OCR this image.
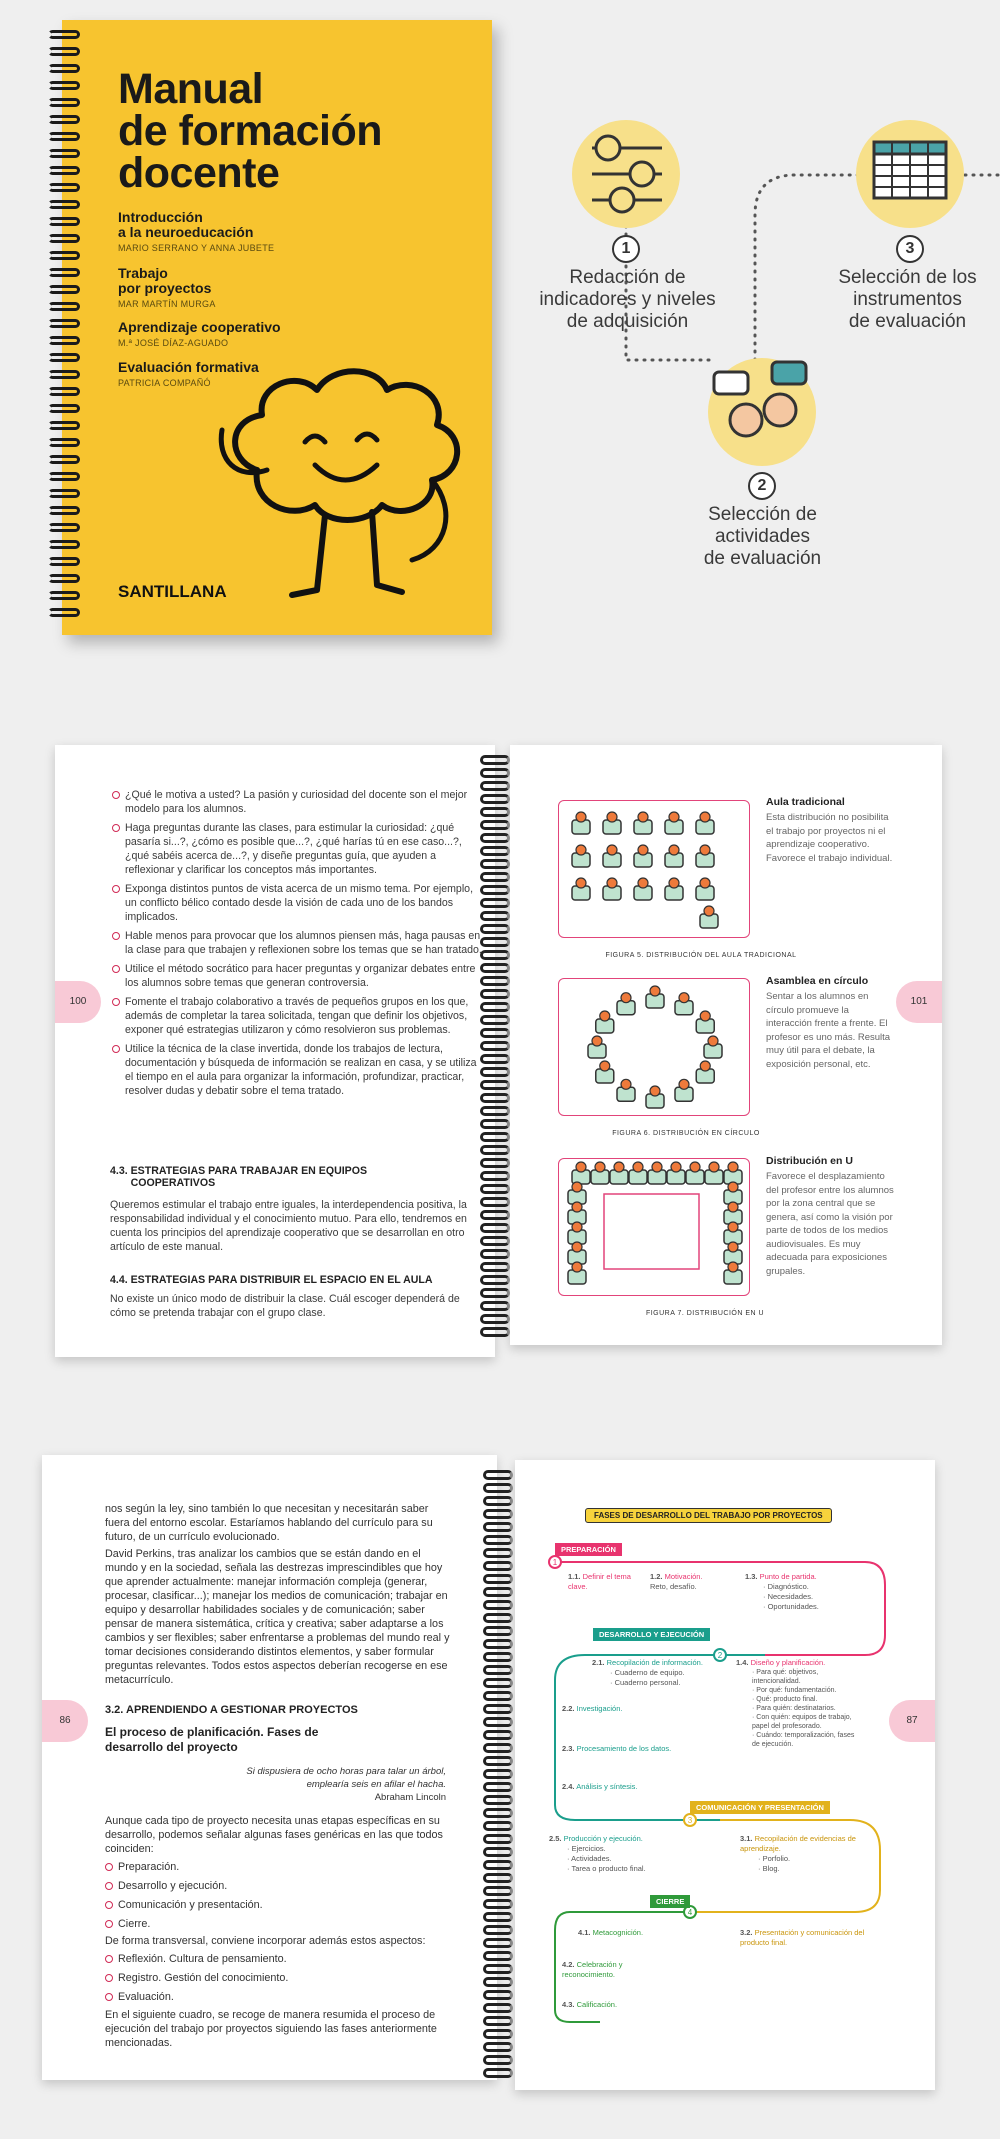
Manual
de formación
docente
Introducción
a la neuroeducación
MARIO SERRANO Y ANNA JUBETE
Trabajo
por proyectos
MAR MARTÍN MURGA
Aprendizaje cooperativo
M.ª JOSÉ DÍAZ-AGUADO
Evaluación formativa
PATRICIA COMPAÑÓ
SANTILLANA
1
Redacción de
indicadores y niveles
de adquisición
3
Selección de los
instrumentos
de evaluación
2
Selección de
actividades
de evaluación
100

¿Qué le motiva a usted? La pasión y curiosidad del docente son el mejor modelo para los alumnos.

Haga preguntas durante las clases, para estimular la curiosidad: ¿qué pasaría si...?, ¿cómo es posible que...?, ¿qué harías tú en ese caso...?, ¿qué sabéis acerca de...?, y diseñe preguntas guía, que ayuden a reflexionar y clarificar los conceptos más importantes.

Exponga distintos puntos de vista acerca de un mismo tema. Por ejemplo, un conflicto bélico contado desde la visión de cada uno de los bandos implicados.

Hable menos para provocar que los alumnos piensen más, haga pausas en la clase para que trabajen y reflexionen sobre los temas que se han tratado.

Utilice el método socrático para hacer preguntas y organizar debates entre los alumnos sobre temas que generan controversia.

Fomente el trabajo colaborativo a través de pequeños grupos en los que, además de completar la tarea solicitada, tengan que definir los objetivos, exponer qué estrategias utilizaron y cómo resolvieron sus problemas.

Utilice la técnica de la clase invertida, donde los trabajos de lectura, documentación y búsqueda de información se realizan en casa, y se utiliza el tiempo en el aula para organizar la información, profundizar, practicar, resolver dudas y debatir sobre el tema tratado.

4.3. ESTRATEGIAS PARA TRABAJAR EN EQUIPOS
COOPERATIVOS
Queremos estimular el trabajo entre iguales, la interdependencia positiva, la responsabilidad individual y el conocimiento mutuo. Para ello, tendremos en cuenta los principios del aprendizaje cooperativo que se desarrollan en otro artículo de este manual.
4.4. ESTRATEGIAS PARA DISTRIBUIR EL ESPACIO EN EL AULA
No existe un único modo de distribuir la clase. Cuál escoger dependerá de cómo se pretenda trabajar con el grupo clase.
101
FIGURA 5. DISTRIBUCIÓN DEL AULA TRADICIONAL
Aula tradicional
Esta distribución no posibilita el trabajo por proyectos ni el aprendizaje cooperativo. Favorece el trabajo individual.
FIGURA 6. DISTRIBUCIÓN EN CÍRCULO
Asamblea en círculo
Sentar a los alumnos en círculo promueve la interacción frente a frente. El profesor es uno más. Resulta muy útil para el debate, la exposición personal, etc.
FIGURA 7. DISTRIBUCIÓN EN U
Distribución en U
Favorece el desplazamiento del profesor entre los alumnos por la zona central que se genera, así como la visión por parte de todos de los medios audiovisuales. Es muy adecuada para exposiciones grupales.
86
nos según la ley, sino también lo que necesitan y necesitarán saber fuera del entorno escolar. Estaríamos hablando del currículo para su futuro, de un currículo evolucionado.
David Perkins, tras analizar los cambios que se están dando en el mundo y en la sociedad, señala las destrezas imprescindibles que hoy que aprender actualmente: manejar información compleja (generar, procesar, clasificar...); manejar los medios de comunicación; trabajar en equipo y desarrollar habilidades sociales y de comunicación; saber pensar de manera sistemática, crítica y creativa; saber adaptarse a los cambios y ser flexibles; saber enfrentarse a problemas del mundo real y tomar decisiones considerando distintos elementos, y saber formular preguntas relevantes. Todos estos aspectos deberían recogerse en ese metacurrículo.
3.2. APRENDIENDO A GESTIONAR PROYECTOS
El proceso de planificación. Fases de desarrollo del proyecto
Si dispusiera de ocho horas para talar un árbol, emplearía seis en afilar el hacha.
Abraham Lincoln
Aunque cada tipo de proyecto necesita unas etapas específicas en su desarrollo, podemos señalar algunas fases genéricas en las que todos coinciden:

Preparación.

Desarrollo y ejecución.

Comunicación y presentación.

Cierre.

De forma transversal, conviene incorporar además estos aspectos:

Reflexión. Cultura de pensamiento.

Registro. Gestión del conocimiento.

Evaluación.

En el siguiente cuadro, se recoge de manera resumida el proceso de ejecución del trabajo por proyectos siguiendo las fases anteriormente mencionadas.
87
FASES DE DESARROLLO DEL TRABAJO POR PROYECTOS
1
2
3
4
PREPARACIÓN
DESARROLLO Y EJECUCIÓN
COMUNICACIÓN Y PRESENTACIÓN
CIERRE
1.1. Definir el tema clave.
1.2. Motivación.
Reto, desafío.
1.3. Punto de partida.
· Diagnóstico.
· Necesidades.
· Oportunidades.
2.1. Recopilación de información.
· Cuaderno de equipo.
· Cuaderno personal.
1.4. Diseño y planificación.
· Para qué: objetivos, intencionalidad.
· Por qué: fundamentación.
· Qué: producto final.
· Para quién: destinatarios.
· Con quién: equipos de trabajo, papel del profesorado.
· Cuándo: temporalización, fases de ejecución.
2.2. Investigación.
2.3. Procesamiento de los datos.
2.4. Análisis y síntesis.
2.5. Producción y ejecución.
· Ejercicios.
· Actividades.
· Tarea o producto final.
3.1. Recopilación de evidencias de aprendizaje.
· Porfolio.
· Blog.
4.1. Metacognición.	3.2. Presentación y comunicación del producto final.
4.2. Celebración y reconocimiento.
4.3. Calificación.
